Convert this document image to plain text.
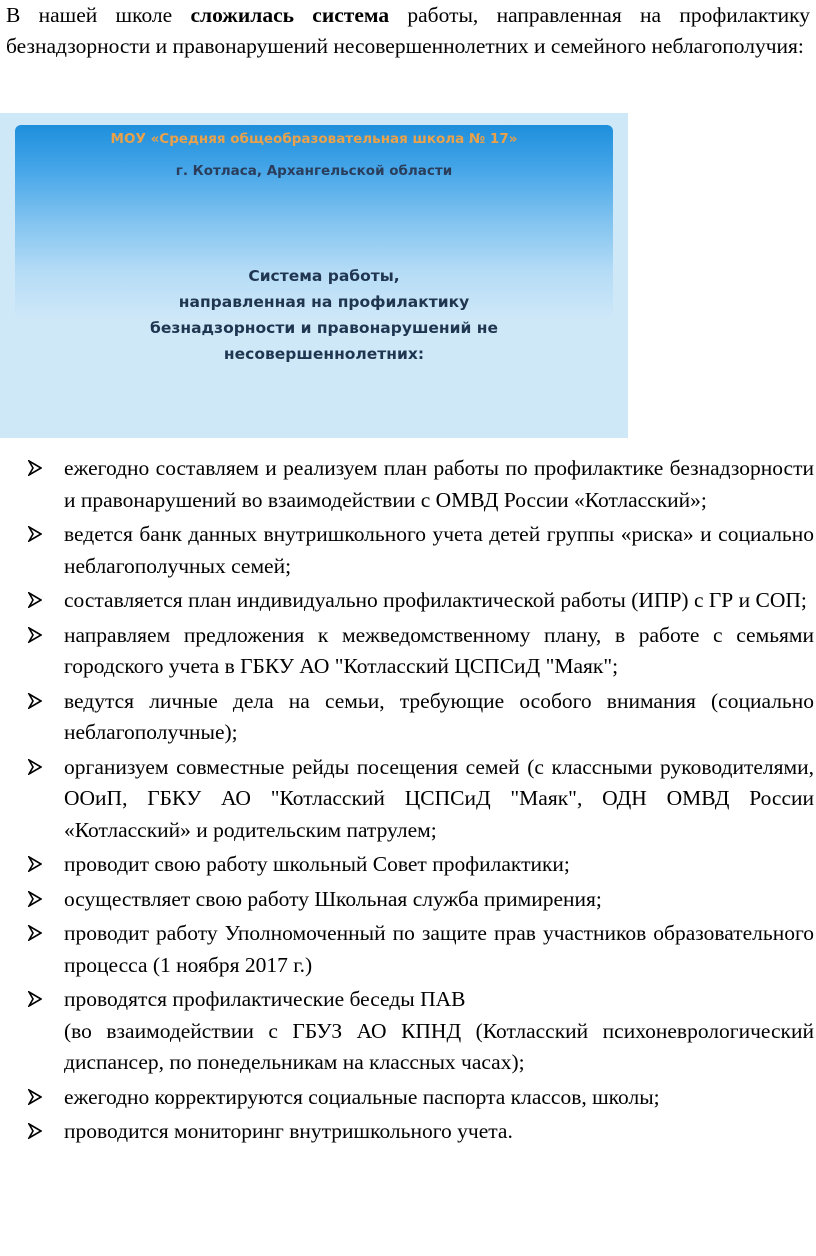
В нашей школе сложилась система работы, направленная на профилактику безнадзорности и правонарушений несовершеннолетних и семейного неблагополучия:

МОУ «Средняя общеобразовательная школа № 17»
г. Котласа, Архангельской области
Система работы,
направленная на профилактику
безнадзорности и правонарушений не
несовершеннолетних:
ежегодно составляем и реализуем план работы по профилактике безнадзорности и правонарушений во взаимодействии с ОМВД России «Котласский»;
ведется банк данных внутришкольного учета детей группы «риска» и социально неблагополучных семей;
составляется план индивидуально профилактической работы (ИПР) с ГР и СОП;
направляем предложения к межведомственному плану, в работе с семьями городского учета в ГБКУ АО "Котласский ЦСПСиД "Маяк";
ведутся личные дела на семьи, требующие особого внимания (социально неблагополучные);
организуем совместные рейды посещения семей (с классными руководителями, ООиП, ГБКУ АО "Котласский ЦСПСиД "Маяк", ОДН ОМВД России «Котласский» и родительским патрулем;
проводит свою работу школьный Совет профилактики;
осуществляет свою работу Школьная служба примирения;
проводит работу Уполномоченный по защите прав участников образовательного процесса (1 ноября 2017 г.)
проводятся профилактические беседы ПАВ
(во взаимодействии с ГБУЗ АО КПНД (Котласский психоневрологический диспансер, по понедельникам на классных часах);
ежегодно корректируются социальные паспорта классов, школы;
проводится мониторинг внутришкольного учета.
